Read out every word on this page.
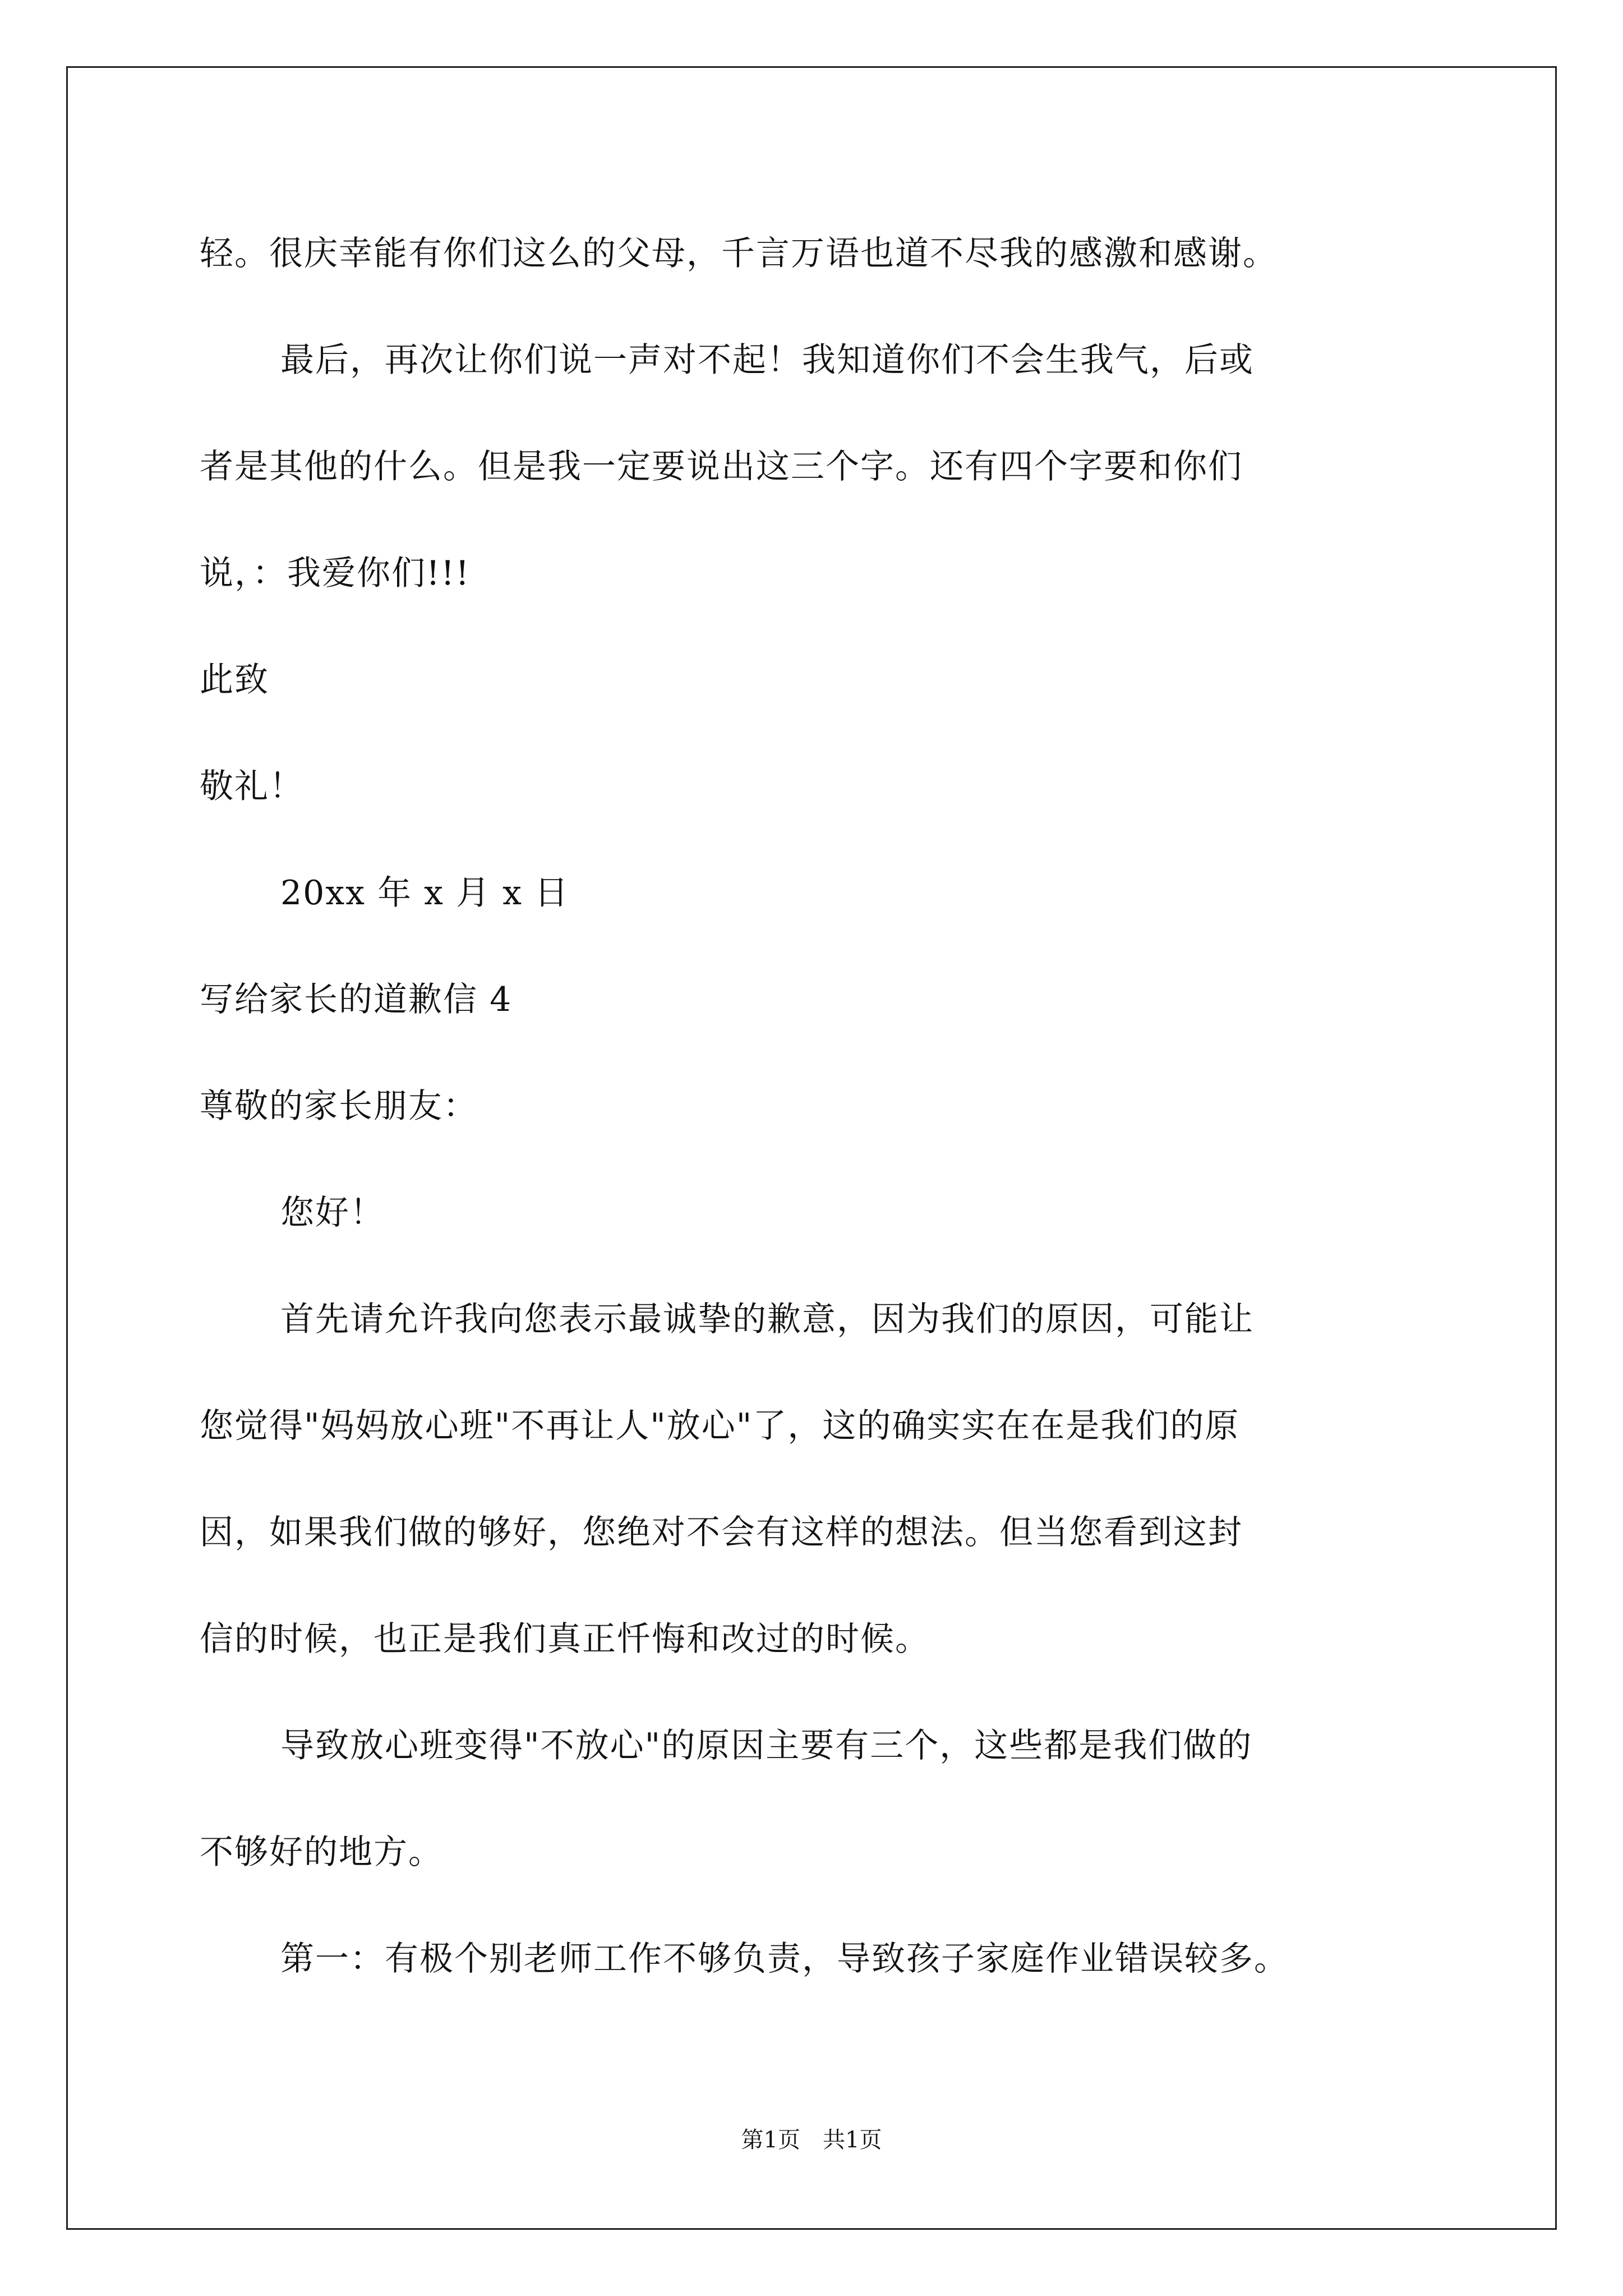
轻。很庆幸能有你们这么的父母，千言万语也道不尽我的感激和感谢。
最后，再次让你们说一声对不起！我知道你们不会生我气，后或
者是其他的什么。但是我一定要说出这三个字。还有四个字要和你们
说，：我爱你们!!!
此致
敬礼！
20xx 年 x 月 x 日
写给家长的道歉信 4
尊敬的家长朋友：
您好！
首先请允许我向您表示最诚挚的歉意，因为我们的原因，可能让
您觉得"妈妈放心班"不再让人"放心"了，这的确实实在在是我们的原
因，如果我们做的够好，您绝对不会有这样的想法。但当您看到这封
信的时候，也正是我们真正忏悔和改过的时候。
导致放心班变得"不放心"的原因主要有三个，这些都是我们做的
不够好的地方。
第一：有极个别老师工作不够负责，导致孩子家庭作业错误较多。
第1页　共1页
